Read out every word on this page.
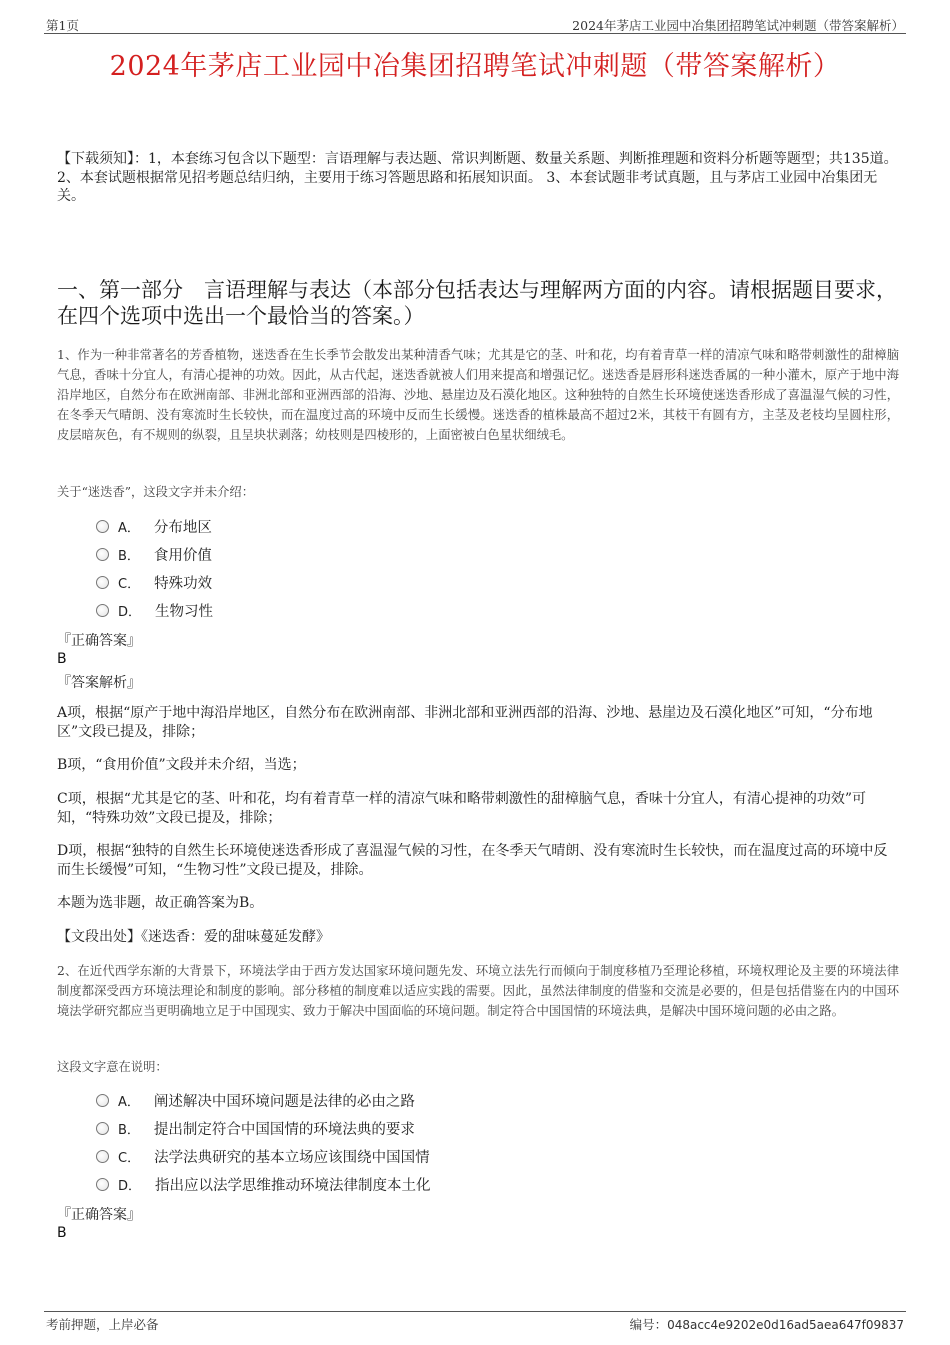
第1页	2024年茅店工业园中冶集团招聘笔试冲刺题（带答案解析）
2024年茅店工业园中冶集团招聘笔试冲刺题（带答案解析）
【下载须知】：1，本套练习包含以下题型：言语理解与表达题、常识判断题、数量关系题、判断推理题和资料分析题等题型；共135道。 2、本套试题根据常见招考题总结归纳，主要用于练习答题思路和拓展知识面。 3、本套试题非考试真题，且与茅店工业园中冶集团无关。
一、第一部分　言语理解与表达（本部分包括表达与理解两方面的内容。请根据题目要求，在四个选项中选出一个最恰当的答案。）
1、作为一种非常著名的芳香植物，迷迭香在生长季节会散发出某种清香气味；尤其是它的茎、叶和花，均有着青草一样的清凉气味和略带刺激性的甜樟脑气息，香味十分宜人，有清心提神的功效。因此，从古代起，迷迭香就被人们用来提高和增强记忆。迷迭香是唇形科迷迭香属的一种小灌木，原产于地中海沿岸地区，自然分布在欧洲南部、非洲北部和亚洲西部的沿海、沙地、悬崖边及石漠化地区。这种独特的自然生长环境使迷迭香形成了喜温湿气候的习性，在冬季天气晴朗、没有寒流时生长较快，而在温度过高的环境中反而生长缓慢。迷迭香的植株最高不超过2米，其枝干有圆有方，主茎及老枝均呈圆柱形，皮层暗灰色，有不规则的纵裂，且呈块状剥落；幼枝则是四棱形的，上面密被白色星状细绒毛。
关于“迷迭香”，这段文字并未介绍：
A． 分布地区
B． 食用价值
C． 特殊功效
D． 生物习性
『正确答案』
B
『答案解析』
A项，根据“原产于地中海沿岸地区，自然分布在欧洲南部、非洲北部和亚洲西部的沿海、沙地、悬崖边及石漠化地区”可知，“分布地区”文段已提及，排除；
B项，“食用价值”文段并未介绍，当选；
C项，根据“尤其是它的茎、叶和花，均有着青草一样的清凉气味和略带刺激性的甜樟脑气息，香味十分宜人，有清心提神的功效”可知，“特殊功效”文段已提及，排除；
D项，根据“独特的自然生长环境使迷迭香形成了喜温湿气候的习性，在冬季天气晴朗、没有寒流时生长较快，而在温度过高的环境中反而生长缓慢”可知，“生物习性”文段已提及，排除。
本题为选非题，故正确答案为B。
【文段出处】《迷迭香：爱的甜味蔓延发酵》
2、在近代西学东渐的大背景下，环境法学由于西方发达国家环境问题先发、环境立法先行而倾向于制度移植乃至理论移植，环境权理论及主要的环境法律制度都深受西方环境法理论和制度的影响。部分移植的制度难以适应实践的需要。因此，虽然法律制度的借鉴和交流是必要的，但是包括借鉴在内的中国环境法学研究都应当更明确地立足于中国现实、致力于解决中国面临的环境问题。制定符合中国国情的环境法典，是解决中国环境问题的必由之路。
这段文字意在说明：
A． 阐述解决中国环境问题是法律的必由之路
B． 提出制定符合中国国情的环境法典的要求
C． 法学法典研究的基本立场应该围绕中国国情
D． 指出应以法学思维推动环境法律制度本土化
『正确答案』
B
考前押题，上岸必备	编号：048acc4e9202e0d16ad5aea647f09837
